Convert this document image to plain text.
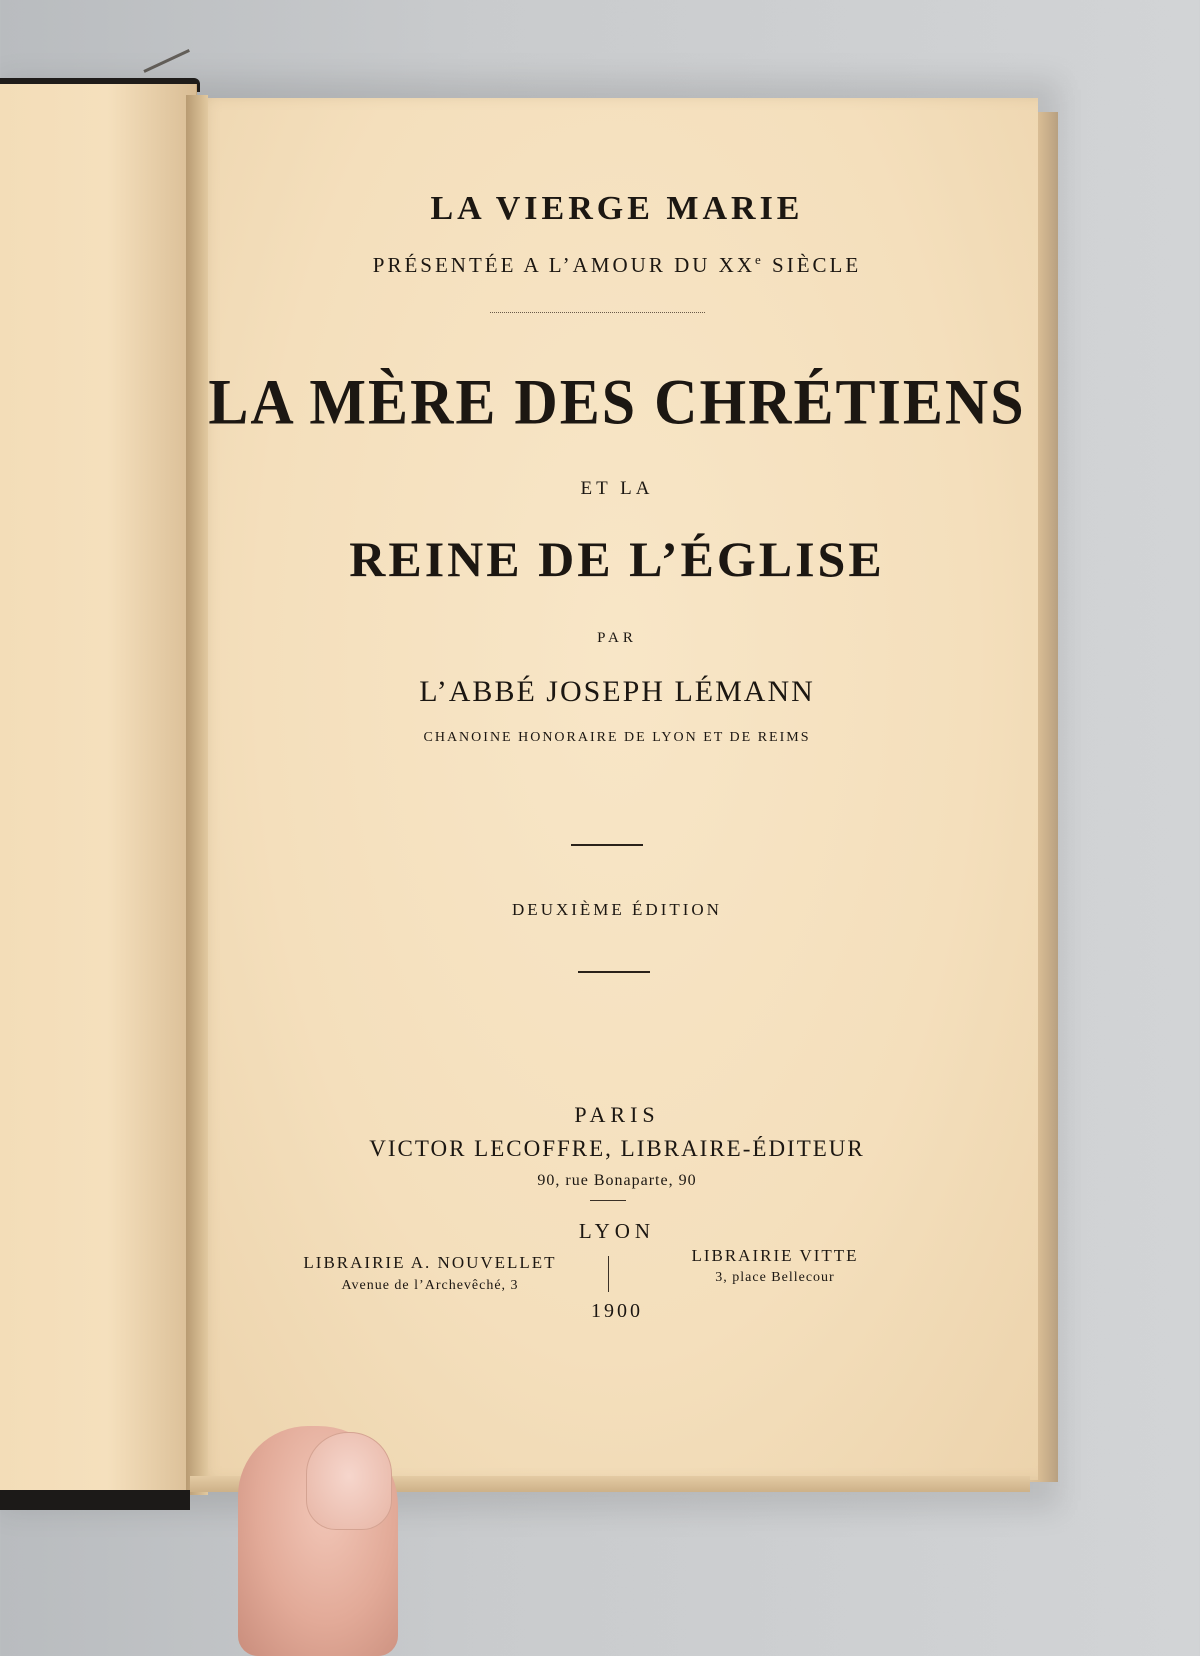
LA VIERGE MARIE
PRÉSENTÉE A L’AMOUR DU XXe SIÈCLE
LA MÈRE DES CHRÉTIENS
ET LA
REINE DE L’ÉGLISE
PAR
L’ABBÉ JOSEPH LÉMANN
CHANOINE HONORAIRE DE LYON ET DE REIMS
DEUXIÈME ÉDITION
PARIS
VICTOR LECOFFRE, LIBRAIRE-ÉDITEUR
90, rue Bonaparte, 90
LYON
LIBRAIRIE A. NOUVELLET
Avenue de l’Archevêché, 3
LIBRAIRIE VITTE
3, place Bellecour
1900
